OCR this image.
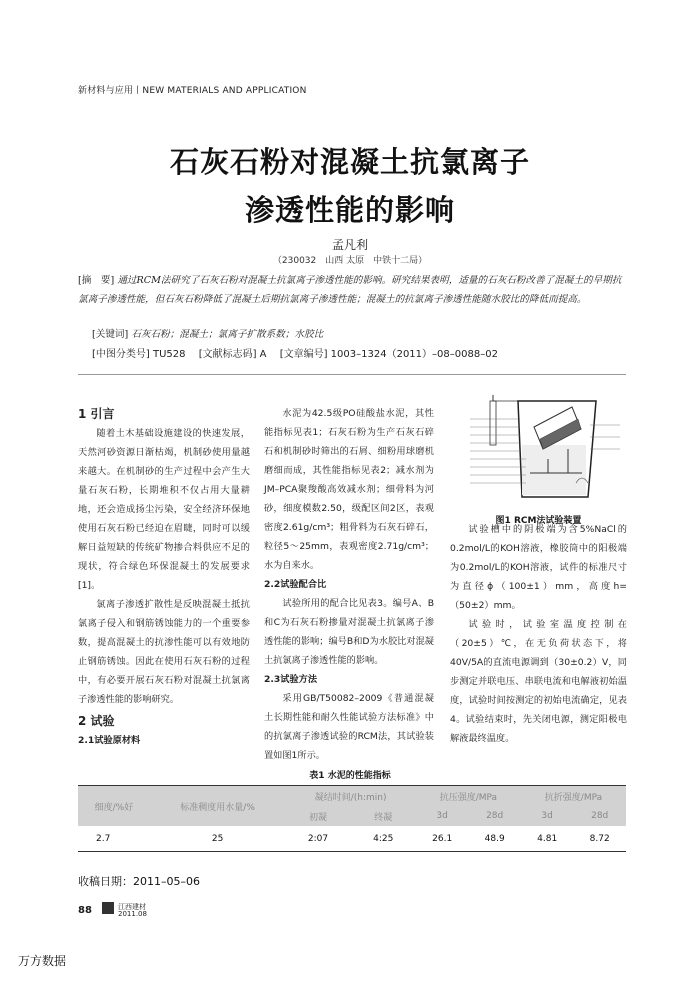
新材料与应用丨NEW MATERIALS AND APPLICATION
石灰石粉对混凝土抗氯离子
渗透性能的影响
孟凡利
（230032　山西 太原　中铁十二局）
[摘　要] 通过RCM法研究了石灰石粉对混凝土抗氯离子渗透性能的影响。研究结果表明，适量的石灰石粉改善了混凝土的早期抗氯离子渗透性能，但石灰石粉降低了混凝土后期抗氯离子渗透性能；混凝土的抗氯离子渗透性能随水胶比的降低而提高。
[关键词] 石灰石粉；混凝土；氯离子扩散系数；水胶比
[中图分类号] TU528 [文献标志码] A [文章编号] 1003–1324（2011）–08–0088–02
1 引言

随着土木基础设施建设的快速发展，天然河砂资源日渐枯竭，机制砂使用量越来越大。在机制砂的生产过程中会产生大量石灰石粉，长期堆积不仅占用大量耕地，还会造成扬尘污染，安全经济环保地使用石灰石粉已经迫在眉睫，同时可以缓解日益短缺的传统矿物掺合料供应不足的现状，符合绿色环保混凝土的发展要求[1]。

氯离子渗透扩散性是反映混凝土抵抗氯离子侵入和钢筋锈蚀能力的一个重要参数，提高混凝土的抗渗性能可以有效地防止钢筋锈蚀。因此在使用石灰石粉的过程中，有必要开展石灰石粉对混凝土抗氯离子渗透性能的影响研究。

2 试验
2.1试验原材料

水泥为42.5级PO硅酸盐水泥，其性能指标见表1；石灰石粉为生产石灰石碎石和机制砂时筛出的石屑、细粉用球磨机磨细而成，其性能指标见表2；减水剂为JM–PCA聚羧酸高效减水剂；细骨料为河砂，细度模数2.50，级配区间2区，表观密度2.61g/cm³；粗骨料为石灰石碎石，粒径5～25mm，表观密度2.71g/cm³；水为自来水。

2.2试验配合比

试验所用的配合比见表3。编号A、B和C为石灰石粉掺量对混凝土抗氯离子渗透性能的影响；编号B和D为水胶比对混凝土抗氯离子渗透性能的影响。

2.3试验方法

采用GB/T50082–2009《普通混凝土长期性能和耐久性能试验方法标准》中的抗氯离子渗透试验的RCM法，其试验装置如图1所示。

图1 RCM法试验装置

试验槽中的阴极端为含5%NaCl的0.2mol/L的KOH溶液，橡胶筒中的阳极端为0.2mol/L的KOH溶液，试件的标准尺寸为直径ϕ（100±1）mm，高度h=（50±2）mm。

试验时，试验室温度控制在（20±5）℃，在无负荷状态下，将40V/5A的直流电源调到（30±0.2）V，同步测定并联电压、串联电流和电解液初始温度，试验时间按测定的初始电流确定，见表4。试验结束时，先关闭电源，测定阳极电解液最终温度。

表1 水泥的性能指标
细度/%好	标准稠度用水量/%	凝结时间/(h:min)		抗压强度/MPa		抗折强度/MPa	
		初凝	终凝	3d	28d	3d	28d
2.7	25	2:07	4:25	26.1	48.9	4.81	8.72
收稿日期：2011–05–06
88	江西建材
2011.08
万方数据
